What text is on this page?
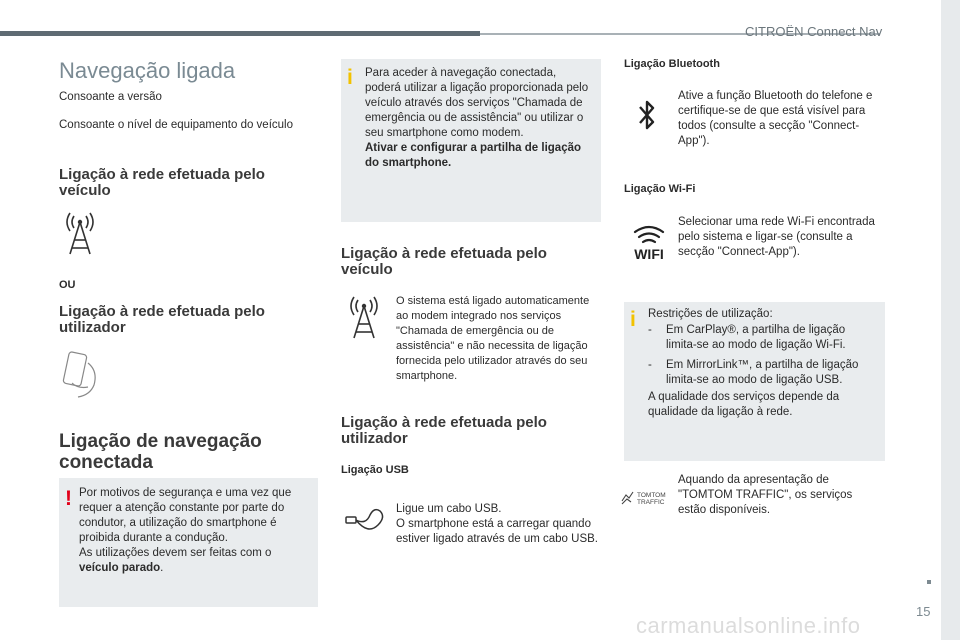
CITROËN Connect Nav
Navegação ligada
Consoante a versão
Consoante o nível de equipamento do veículo
Ligação à rede efetuada pelo veículo
OU
Ligação à rede efetuada pelo utilizador
Ligação de navegação conectada
! Por motivos de segurança e uma vez que requer a atenção constante por parte do condutor, a utilização do smartphone é proibida durante a condução.
As utilizações devem ser feitas com o
veículo parado.
i Para aceder à navegação conectada, poderá utilizar a ligação proporcionada pelo veículo através dos serviços "Chamada de emergência ou de assistência" ou utilizar o seu smartphone como modem.
Ativar e configurar a partilha de ligação do smartphone.
Ligação à rede efetuada pelo veículo
O sistema está ligado automaticamente ao modem integrado nos serviços "Chamada de emergência ou de assistência" e não necessita de ligação fornecida pelo utilizador através do seu smartphone.
Ligação à rede efetuada pelo utilizador
Ligação USB
Ligue um cabo USB.
O smartphone está a carregar quando estiver ligado através de um cabo USB.
Ligação Bluetooth
Ative a função Bluetooth do telefone e certifique-se de que está visível para todos (consulte a secção "Connect-App").
Ligação Wi-Fi
WIFI
Selecionar uma rede Wi-Fi encontrada pelo sistema e ligar-se (consulte a secção "Connect-App").
i Restrições de utilização:
- Em CarPlay®, a partilha de ligação limita-se ao modo de ligação Wi-Fi.
- Em MirrorLink™, a partilha de ligação limita-se ao modo de ligação USB.
A qualidade dos serviços depende da qualidade da ligação à rede.
TOMTOM
TRAFFIC
Aquando da apresentação de "TOMTOM TRAFFIC", os serviços estão disponíveis.
15
carmanualsonline.info
